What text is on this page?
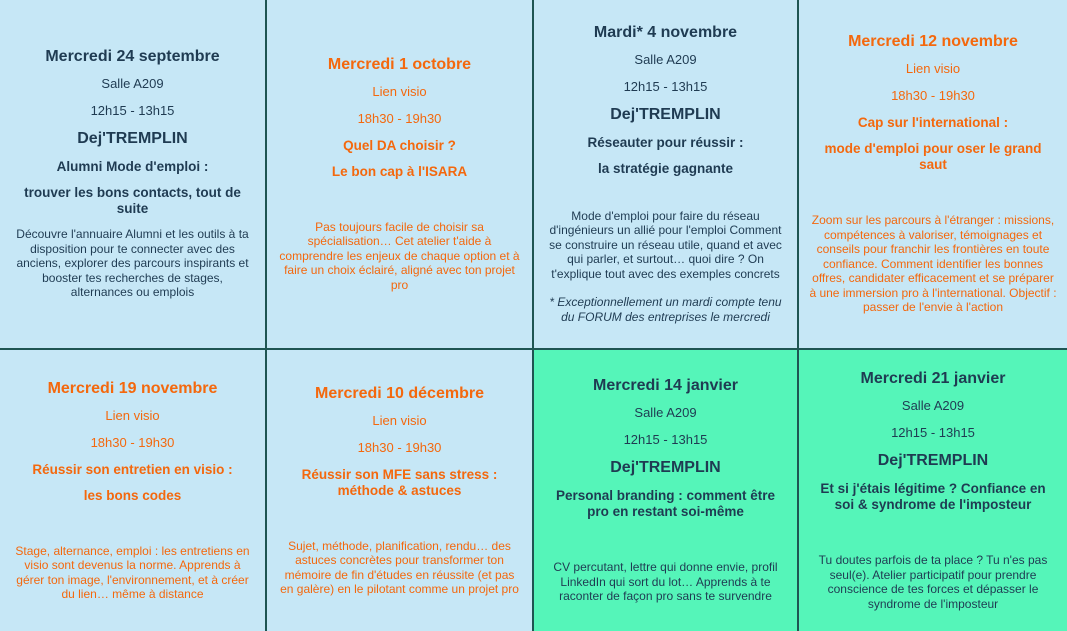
Mercredi 24 septembre
Salle A209
12h15 - 13h15
Dej'TREMPLIN
Alumni Mode d'emploi :
trouver les bons contacts, tout de suite
Découvre l'annuaire Alumni et les outils à ta disposition pour te connecter avec des anciens, explorer des parcours inspirants et booster tes recherches de stages, alternances ou emplois
Mercredi 1 octobre
Lien visio
18h30 - 19h30
Quel DA choisir ?
Le bon cap à l'ISARA
Pas toujours facile de choisir sa spécialisation… Cet atelier t'aide à comprendre les enjeux de chaque option et à faire un choix éclairé, aligné avec ton projet pro
Mardi* 4 novembre
Salle A209
12h15 - 13h15
Dej'TREMPLIN
Réseauter pour réussir :
la stratégie gagnante
Mode d'emploi pour faire du réseau d'ingénieurs un allié pour l'emploi Comment se construire un réseau utile, quand et avec qui parler, et surtout… quoi dire ? On t'explique tout avec des exemples concrets
* Exceptionnellement un mardi compte tenu du FORUM des entreprises le mercredi
Mercredi 12 novembre
Lien visio
18h30 - 19h30
Cap sur l'international :
mode d'emploi pour oser le grand saut
Zoom sur les parcours à l'étranger : missions, compétences à valoriser, témoignages et conseils pour franchir les frontières en toute confiance. Comment identifier les bonnes offres, candidater efficacement et se préparer à une immersion pro à l'international. Objectif : passer de l'envie à l'action
Mercredi 19 novembre
Lien visio
18h30 - 19h30
Réussir son entretien en visio :
les bons codes
Stage, alternance, emploi : les entretiens en visio sont devenus la norme. Apprends à gérer ton image, l'environnement, et à créer du lien… même à distance
Mercredi 10 décembre
Lien visio
18h30 - 19h30
Réussir son MFE sans stress : méthode & astuces
Sujet, méthode, planification, rendu… des astuces concrètes pour transformer ton mémoire de fin d'études en réussite (et pas en galère) en le pilotant comme un projet pro
Mercredi 14 janvier
Salle A209
12h15 - 13h15
Dej'TREMPLIN
Personal branding : comment être pro en restant soi-même
CV percutant, lettre qui donne envie, profil LinkedIn qui sort du lot… Apprends à te raconter de façon pro sans te survendre
Mercredi 21 janvier
Salle A209
12h15 - 13h15
Dej'TREMPLIN
Et si j'étais légitime ? Confiance en soi & syndrome de l'imposteur
Tu doutes parfois de ta place ? Tu n'es pas seul(e). Atelier participatif pour prendre conscience de tes forces et dépasser le syndrome de l'imposteur
